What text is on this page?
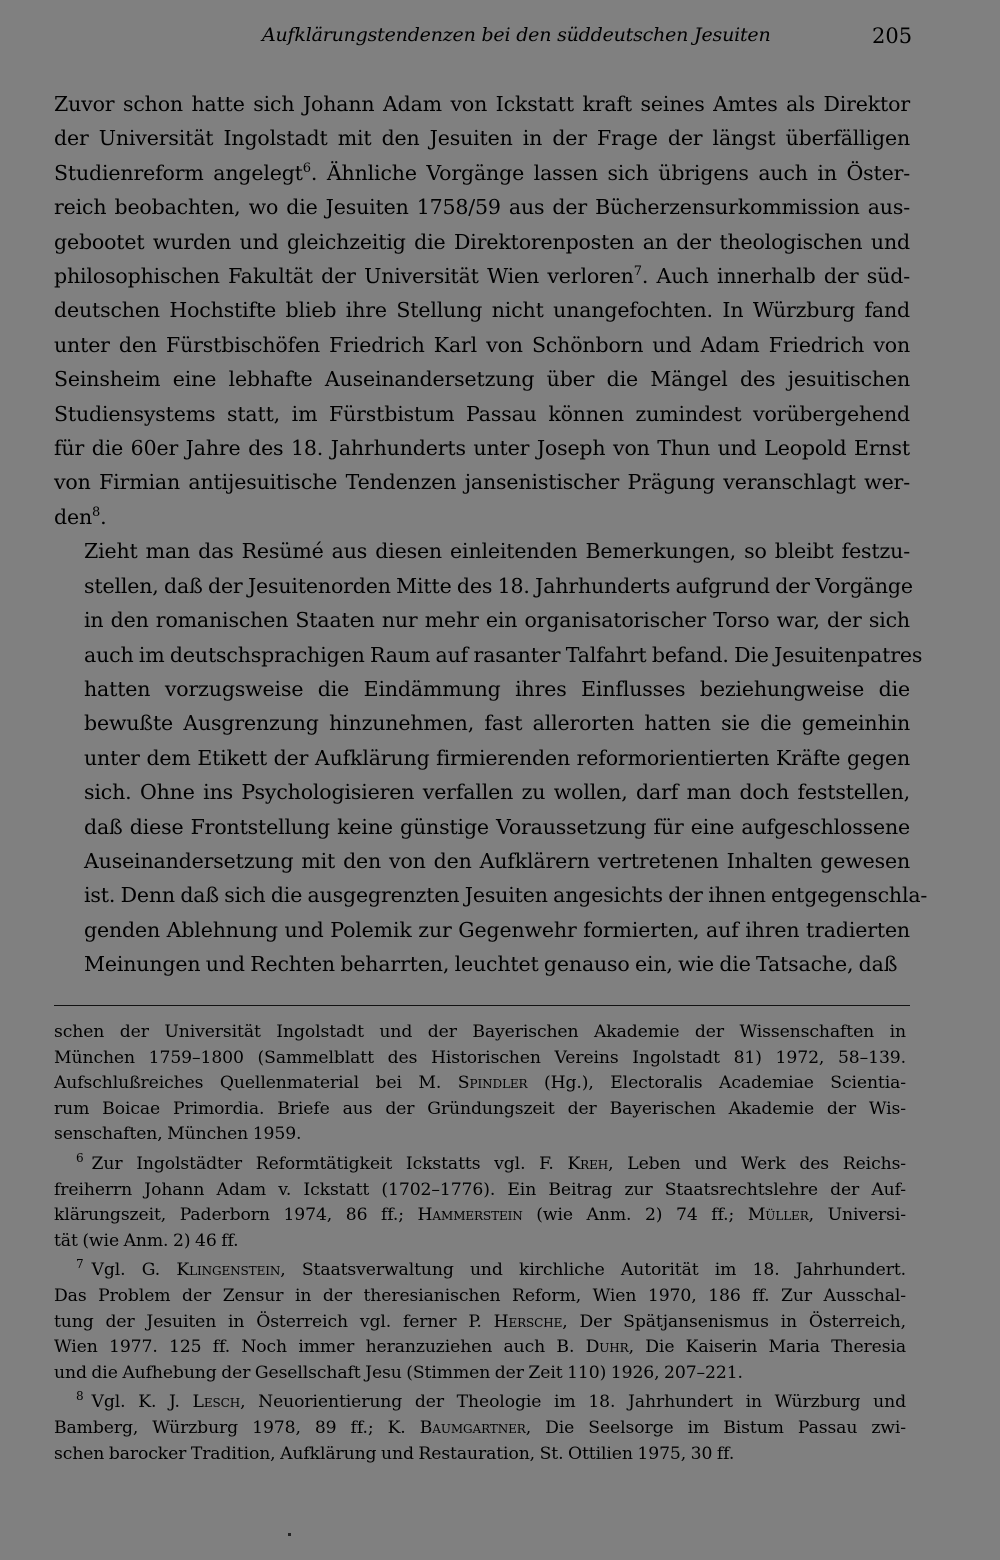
Aufklärungstendenzen bei den süddeutschen Jesuiten	205

Zuvor schon hatte sich Johann Adam von Ickstatt kraft seines Amtes als Direktor
der Universität Ingolstadt mit den Jesuiten in der Frage der längst überfälligen
Studienreform angelegt$^6$. Ähnliche Vorgänge lassen sich übrigens auch in Öster-
reich beobachten, wo die Jesuiten 1758/59 aus der Bücherzensurkommission aus-
gebootet wurden und gleichzeitig die Direktorenposten an der theologischen und
philosophischen Fakultät der Universität Wien verloren$^7$. Auch innerhalb der süd-
deutschen Hochstifte blieb ihre Stellung nicht unangefochten. In Würzburg fand
unter den Fürstbischöfen Friedrich Karl von Schönborn und Adam Friedrich von
Seinsheim eine lebhafte Auseinandersetzung über die Mängel des jesuitischen
Studiensystems statt, im Fürstbistum Passau können zumindest vorübergehend
für die 60er Jahre des 18. Jahrhunderts unter Joseph von Thun und Leopold Ernst
von Firmian antijesuitische Tendenzen jansenistischer Prägung veranschlagt wer-
den$^8$.

Zieht man das Resümé aus diesen einleitenden Bemerkungen, so bleibt festzu-
stellen, daß der Jesuitenorden Mitte des 18. Jahrhunderts aufgrund der Vorgänge
in den romanischen Staaten nur mehr ein organisatorischer Torso war, der sich
auch im deutschsprachigen Raum auf rasanter Talfahrt befand. Die Jesuitenpatres
hatten vorzugsweise die Eindämmung ihres Einflusses beziehungweise die
bewußte Ausgrenzung hinzunehmen, fast allerorten hatten sie die gemeinhin
unter dem Etikett der Aufklärung firmierenden reformorientierten Kräfte gegen
sich. Ohne ins Psychologisieren verfallen zu wollen, darf man doch feststellen,
daß diese Frontstellung keine günstige Voraussetzung für eine aufgeschlossene
Auseinandersetzung mit den von den Aufklärern vertretenen Inhalten gewesen
ist. Denn daß sich die ausgegrenzten Jesuiten angesichts der ihnen entgegenschla-
genden Ablehnung und Polemik zur Gegenwehr formierten, auf ihren tradierten
Meinungen und Rechten beharrten, leuchtet genauso ein, wie die Tatsache, daß

schen der Universität Ingolstadt und der Bayerischen Akademie der Wissenschaften in
München 1759–1800 (Sammelblatt des Historischen Vereins Ingolstadt 81) 1972, 58–139.
Aufschlußreiches Quellenmaterial bei M. Spindler (Hg.), Electoralis Academiae Scientia-
rum Boicae Primordia. Briefe aus der Gründungszeit der Bayerischen Akademie der Wis-
senschaften, München 1959.
$^6$ Zur Ingolstädter Reformtätigkeit Ickstatts vgl. F. Kreh, Leben und Werk des Reichs-
freiherrn Johann Adam v. Ickstatt (1702–1776). Ein Beitrag zur Staatsrechtslehre der Auf-
klärungszeit, Paderborn 1974, 86 ff.; Hammerstein (wie Anm. 2) 74 ff.; Müller, Universi-
tät (wie Anm. 2) 46 ff.
$^7$ Vgl. G. Klingenstein, Staatsverwaltung und kirchliche Autorität im 18. Jahrhundert.
Das Problem der Zensur in der theresianischen Reform, Wien 1970, 186 ff. Zur Ausschal-
tung der Jesuiten in Österreich vgl. ferner P. Hersche, Der Spätjansenismus in Österreich,
Wien 1977. 125 ff. Noch immer heranzuziehen auch B. Duhr, Die Kaiserin Maria Theresia
und die Aufhebung der Gesellschaft Jesu (Stimmen der Zeit 110) 1926, 207–221.
$^8$ Vgl. K. J. Lesch, Neuorientierung der Theologie im 18. Jahrhundert in Würzburg und
Bamberg, Würzburg 1978, 89 ff.; K. Baumgartner, Die Seelsorge im Bistum Passau zwi-
schen barocker Tradition, Aufklärung und Restauration, St. Ottilien 1975, 30 ff.
